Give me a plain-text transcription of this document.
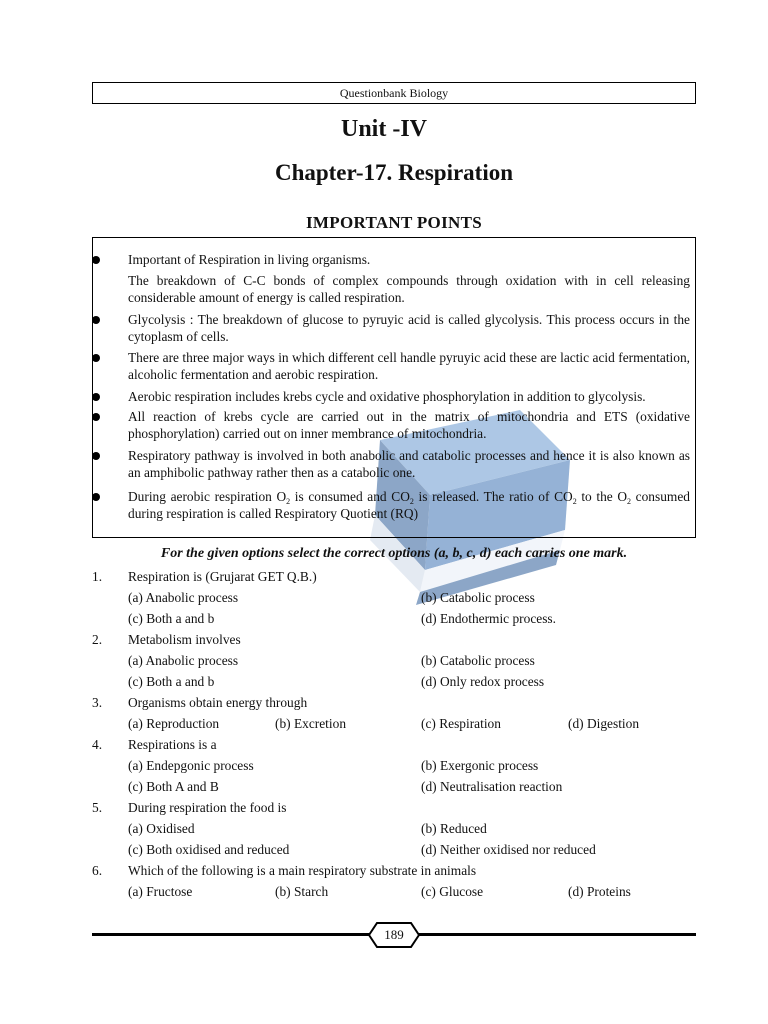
Questionbank Biology
Unit -IV
Chapter-17. Respiration
IMPORTANT POINTS
Important of Respiration in living organisms.
The breakdown of C-C bonds of complex compounds through oxidation with in cell releasing considerable amount of energy is called respiration.
Glycolysis : The breakdown of glucose to pyruyic acid is called glycolysis. This process occurs in the cytoplasm of cells.
There are three major ways in which different cell handle pyruyic acid these are lactic acid fermentation, alcoholic fermentation and aerobic respiration.
Aerobic respiration includes krebs cycle and oxidative phosphorylation in addition to glycolysis.
All reaction of krebs cycle are carried out in the matrix of mitochondria and ETS (oxidative phosphorylation) carried out on inner membrance of mitochondria.
Respiratory pathway is involved in both anabolic and catabolic processes and hence it is also known as an amphibolic pathway rather then as a catabolic one.
During aerobic respiration $O_2$ is consumed and $CO_2$ is released. The ratio of $CO_2$ to the $O_2$ consumed during respiration is called Respiratory Quotient (RQ)
For the given options select the correct options (a, b, c, d) each carries one mark.
1. Respiration is (Grujarat GET Q.B.)
(a) Anabolic process	(b) Catabolic process
(c) Both a and b	(d) Endothermic process.
2. Metabolism involves
(a) Anabolic process	(b) Catabolic process
(c) Both a and b	(d) Only redox process
3. Organisms obtain energy through
(a) Reproduction	(b) Excretion	(c) Respiration	(d) Digestion
4. Respirations is a
(a) Endepgonic process	(b) Exergonic process
(c) Both A and B	(d) Neutralisation reaction
5. During respiration the food is
(a) Oxidised	(b) Reduced
(c) Both oxidised and reduced	(d) Neither oxidised nor reduced
6. Which of the following is a main respiratory substrate in animals
(a) Fructose	(b) Starch	(c) Glucose	(d) Proteins
189
